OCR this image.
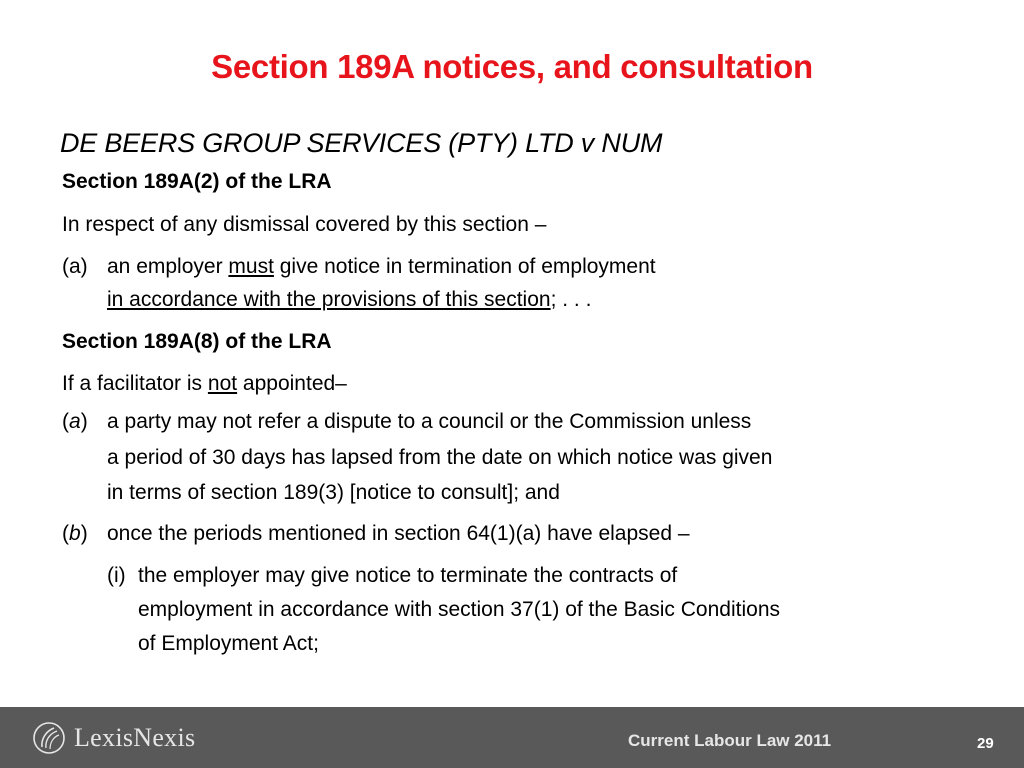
Section 189A notices, and consultation
DE BEERS GROUP SERVICES (PTY) LTD v NUM
Section 189A(2) of the LRA
In respect of any dismissal covered by this section –
(a) an employer must give notice in termination of employment
in accordance with the provisions of this section; . . .
Section 189A(8) of the LRA
If a facilitator is not appointed–
(a) a party may not refer a dispute to a council or the Commission unless
a period of 30 days has lapsed from the date on which notice was given
in terms of section 189(3) [notice to consult]; and
(b) once the periods mentioned in section 64(1)(a) have elapsed –
(i) the employer may give notice to terminate the contracts of
employment in accordance with section 37(1) of the Basic Conditions
of Employment Act;
LexisNexis	Current Labour Law 2011	29
